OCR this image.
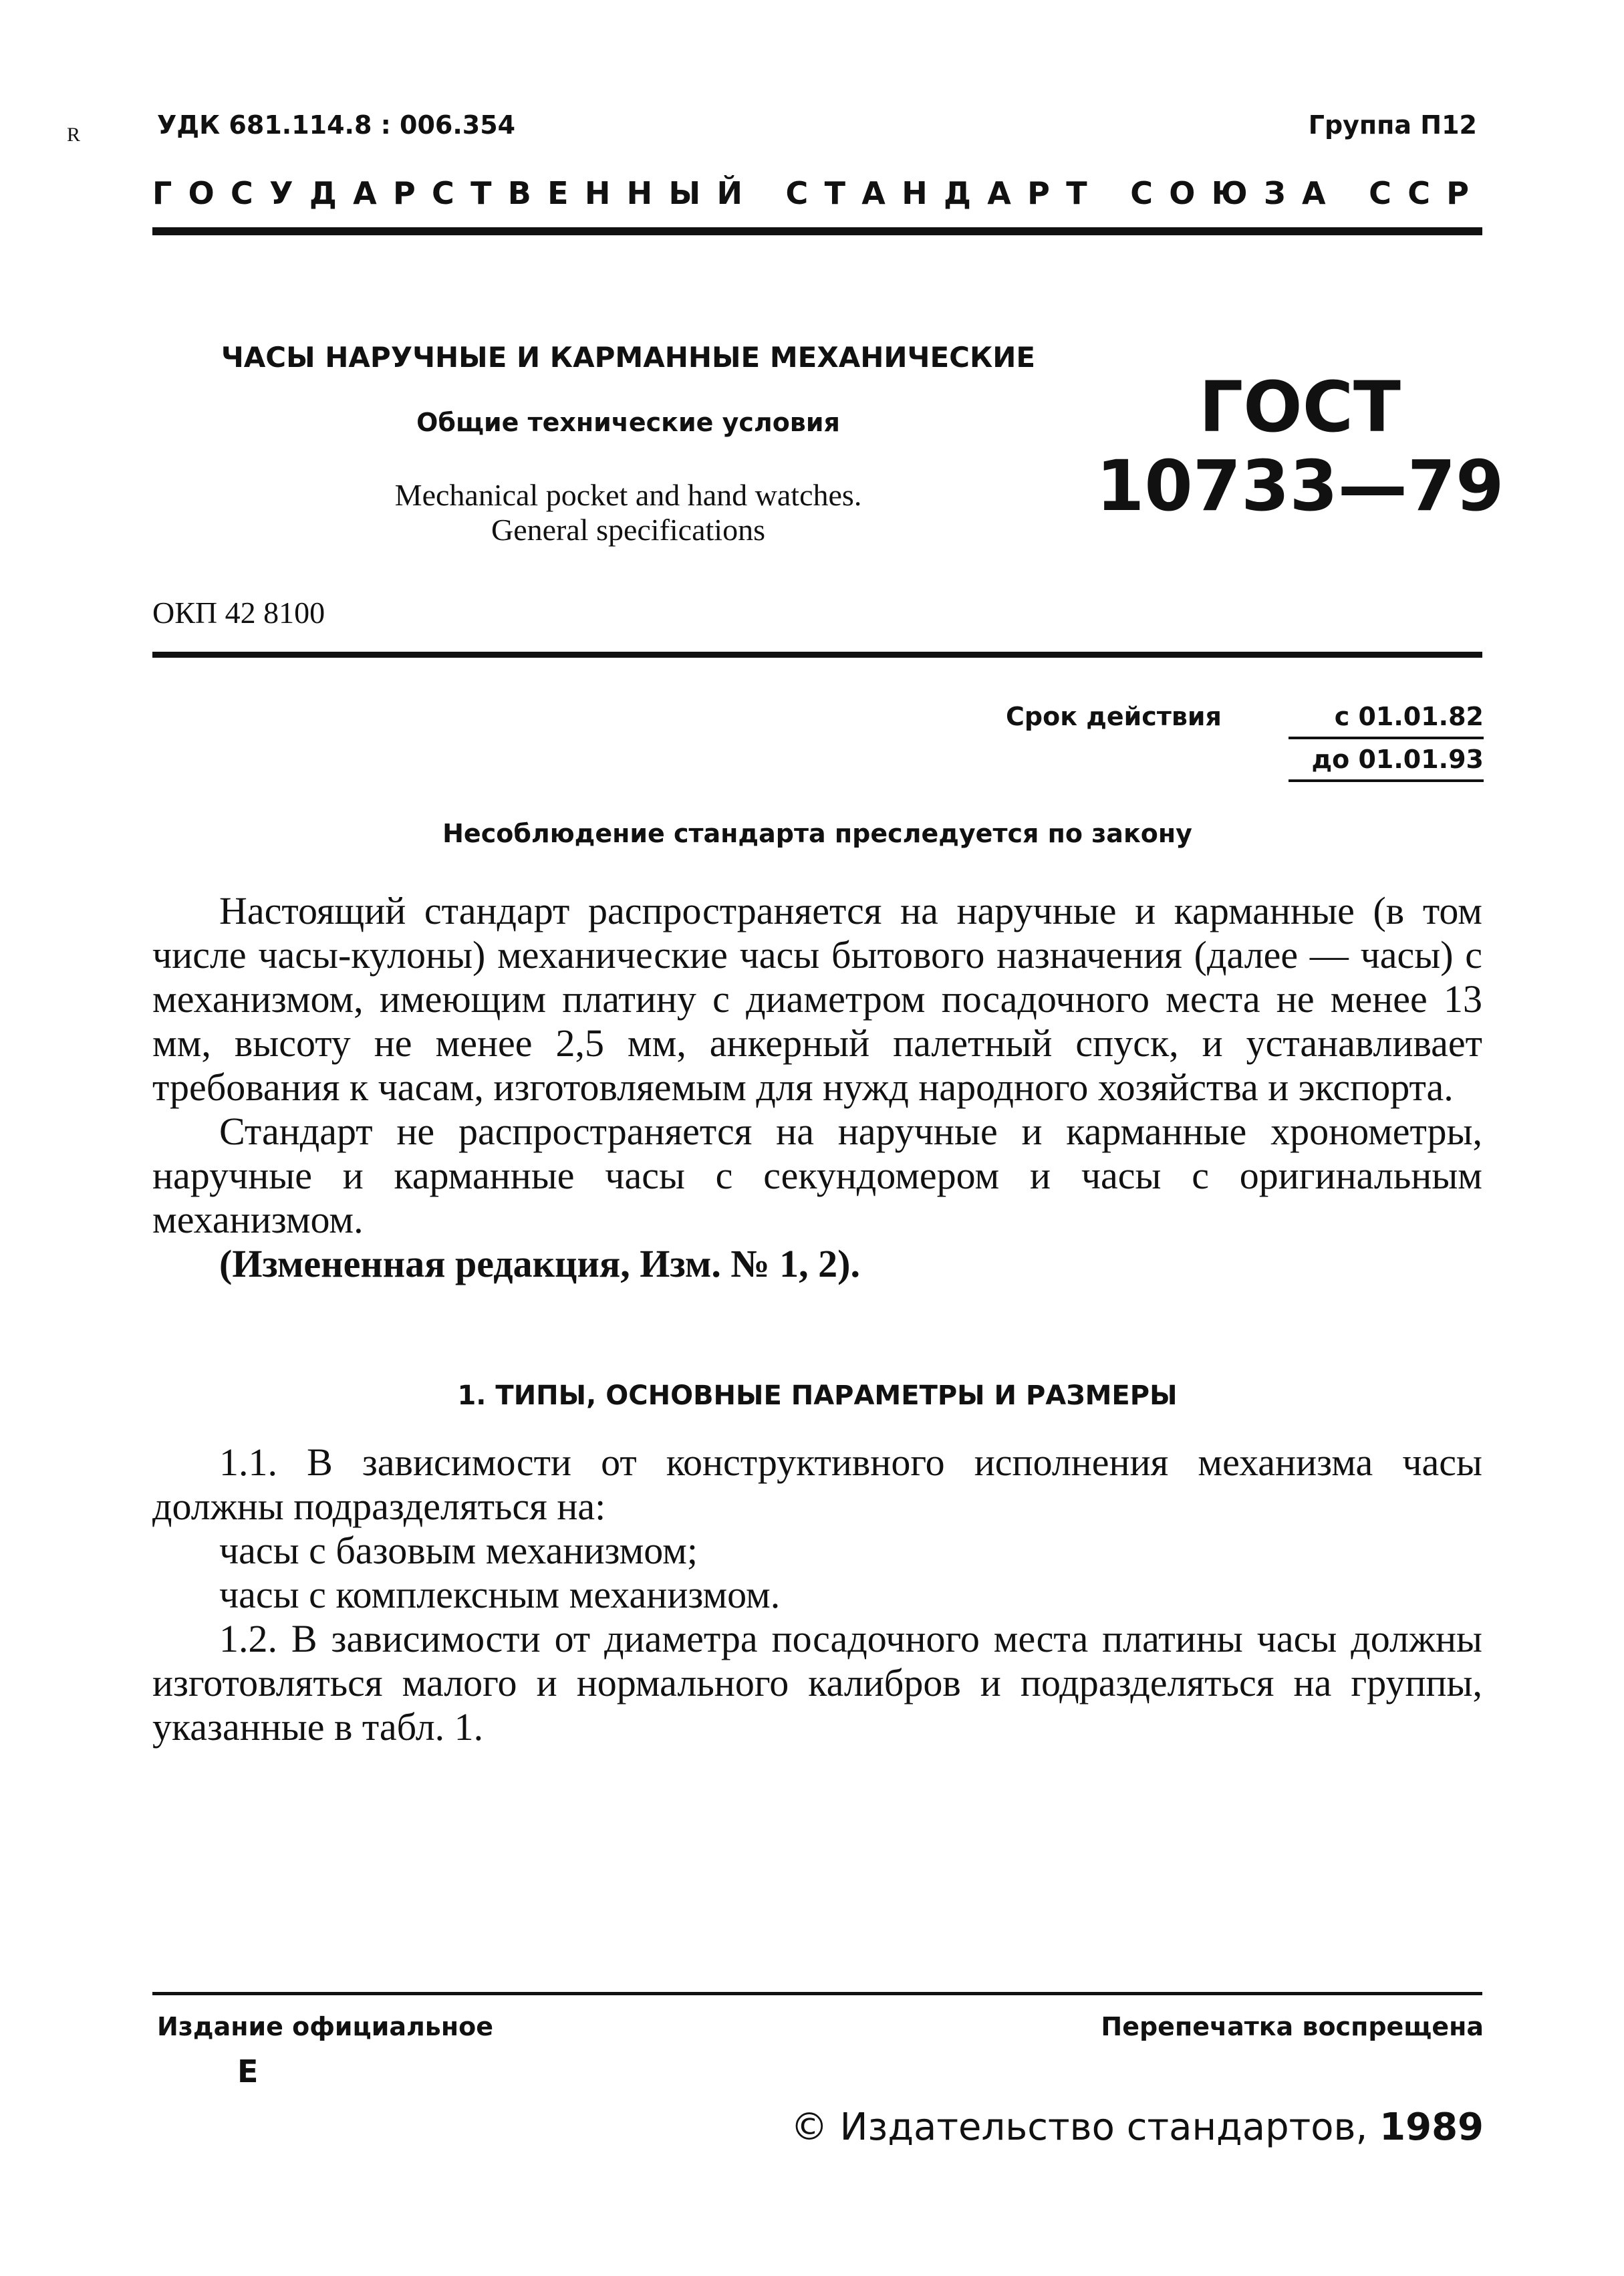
R	УДК 681.114.8 : 006.354	Группа П12
Г О С У Д А Р С Т В Е Н Н Ы Й
С Т А Н Д А Р Т
С О Ю З А
С С Р
ЧАСЫ НАРУЧНЫЕ И КАРМАННЫЕ МЕХАНИЧЕСКИЕ
Общие технические условия
Mechanical pocket and hand watches.
General specifications
ГОСТ
10733—79
ОКП 42 8100
Срок действия	с 01.01.82
до 01.01.93
Несоблюдение стандарта преследуется по закону

Настоящий стандарт распространяется на наручные и карманные (в том числе часы-кулоны) механические часы бытового назначения (далее — часы) с механизмом, имеющим платину с диаметром посадочного места не менее 13 мм, высоту не менее 2,5 мм, анкерный палетный спуск, и устанавливает требования к часам, изготовляемым для нужд народного хозяйства и экспорта.

Стандарт не распространяется на наручные и карманные хронометры, наручные и карманные часы с секундомером и часы с оригинальным механизмом.

(Измененная редакция, Изм. № 1, 2).

1. ТИПЫ, ОСНОВНЫЕ ПАРАМЕТРЫ И РАЗМЕРЫ

1.1. В зависимости от конструктивного исполнения механизма часы должны подразделяться на:

часы с базовым механизмом;

часы с комплексным механизмом.

1.2. В зависимости от диаметра посадочного места платины часы должны изготовляться малого и нормального калибров и подразделяться на группы, указанные в табл. 1.

Издание официальное
Е
Перепечатка воспрещена
© Издательство стандартов, 1989
